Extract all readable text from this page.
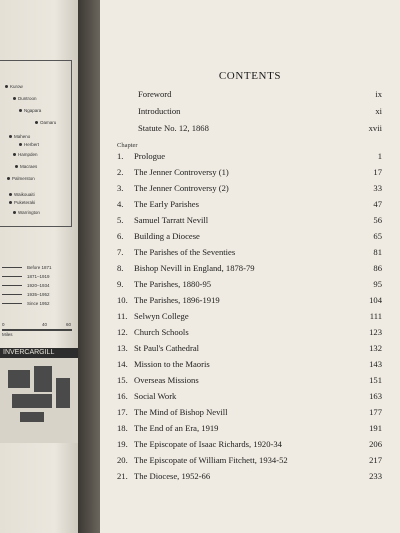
Kurow
Duntroon
Ngapara
Oamaru
Maheno
Herbert
Hampden
Macraes
Palmerston
Waikouaiti
Puketeraki
Warrington
Before 1871
1871–1919
1920–1934
1935–1952
Since 1952
0	40	60
Miles
INVERCARGILL
CONTENTS
Foreword	ix
Introduction	xi
Statute No. 12, 1868	xvii
Chapter
1.	Prologue	1
2.	The Jenner Controversy (1)	17
3.	The Jenner Controversy (2)	33
4.	The Early Parishes	47
5.	Samuel Tarratt Nevill	56
6.	Building a Diocese	65
7.	The Parishes of the Seventies	81
8.	Bishop Nevill in England, 1878-79	86
9.	The Parishes, 1880-95	95
10. The Parishes, 1896-1919	104
11. Selwyn College	111
12. Church Schools	123
13. St Paul's Cathedral	132
14. Mission to the Maoris	143
15. Overseas Missions	151
16. Social Work	163
17. The Mind of Bishop Nevill	177
18. The End of an Era, 1919	191
19. The Episcopate of Isaac Richards, 1920-34	206
20. The Episcopate of William Fitchett, 1934-52	217
21. The Diocese, 1952-66	233
